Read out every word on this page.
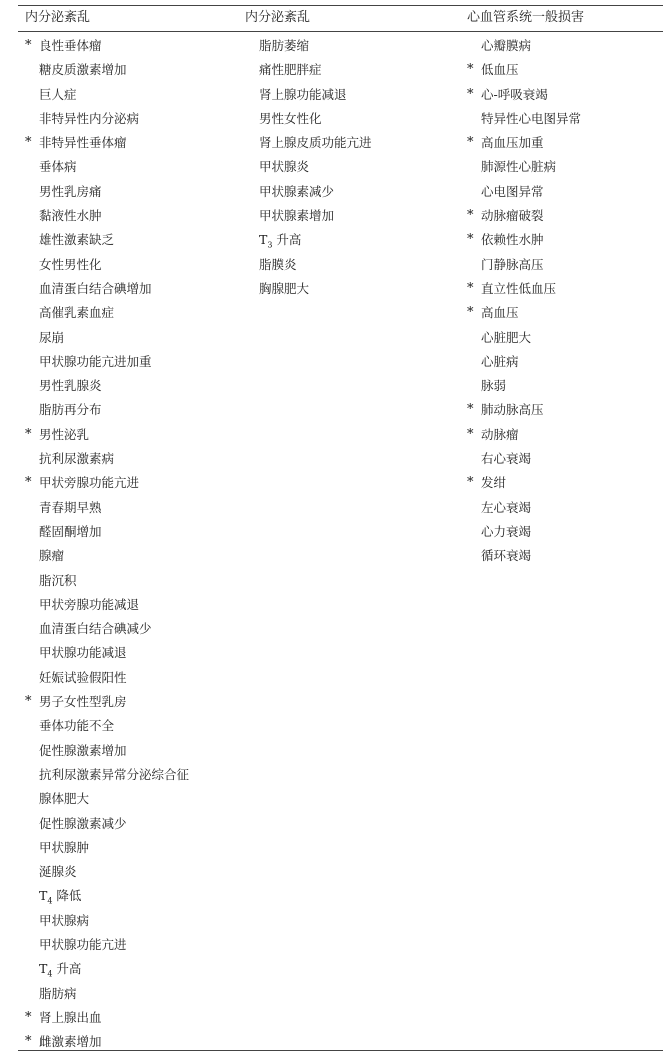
内分泌紊乱	内分泌紊乱	心血管系统一般损害
* 良性垂体瘤
糖皮质激素增加
巨人症
非特异性内分泌病
* 非特异性垂体瘤
垂体病
男性乳房痛
黏液性水肿
雄性激素缺乏
女性男性化
血清蛋白结合碘增加
高催乳素血症
尿崩
甲状腺功能亢进加重
男性乳腺炎
脂肪再分布
* 男性泌乳
抗利尿激素病
* 甲状旁腺功能亢进
青春期早熟
醛固酮增加
腺瘤
脂沉积
甲状旁腺功能减退
血清蛋白结合碘减少
甲状腺功能减退
妊娠试验假阳性
* 男子女性型乳房
垂体功能不全
促性腺激素增加
抗利尿激素异常分泌综合征
腺体肥大
促性腺激素减少
甲状腺肿
涎腺炎
$T_4$ 降低
甲状腺病
甲状腺功能亢进
$T_4$ 升高
脂肪病
* 肾上腺出血
* 雌激素增加
脂肪萎缩
痛性肥胖症
肾上腺功能减退
男性女性化
肾上腺皮质功能亢进
甲状腺炎
甲状腺素减少
甲状腺素增加
$T_3$ 升高
脂膜炎
胸腺肥大
心瓣膜病
* 低血压
* 心-呼吸衰竭
特异性心电图异常
* 高血压加重
肺源性心脏病
心电图异常
* 动脉瘤破裂
* 依赖性水肿
门静脉高压
* 直立性低血压
* 高血压
心脏肥大
心脏病
脉弱
* 肺动脉高压
* 动脉瘤
右心衰竭
* 发绀
左心衰竭
心力衰竭
循环衰竭
